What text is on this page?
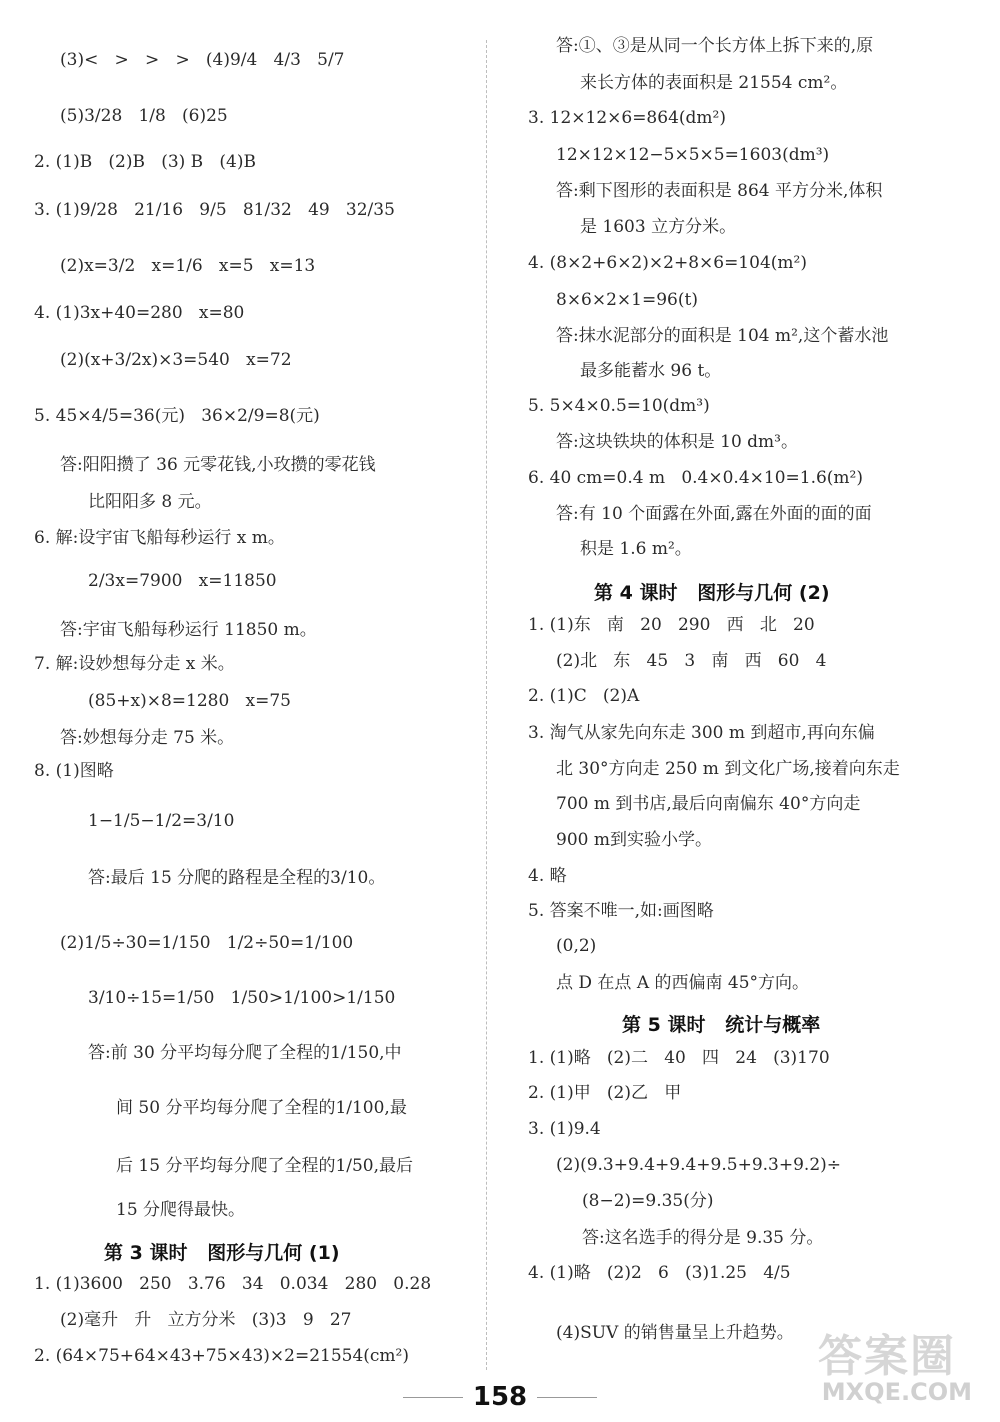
(3)<   >   >   >   (4)9/4   4/3   5/7
(5)3/28   1/8   (6)25
2. (1)B   (2)B   (3) B   (4)B
3. (1)9/28   21/16   9/5   81/32   49   32/35
(2)x=3/2   x=1/6   x=5   x=13
4. (1)3x+40=280   x=80
(2)(x+3/2x)×3=540   x=72
5. 45×4/5=36(元)   36×2/9=8(元)
答:阳阳攒了 36 元零花钱,小玫攒的零花钱
比阳阳多 8 元。
6. 解:设宇宙飞船每秒运行 x m。
2/3x=7900   x=11850
答:宇宙飞船每秒运行 11850 m。
7. 解:设妙想每分走 x 米。
(85+x)×8=1280   x=75
答:妙想每分走 75 米。
8. (1)图略
1−1/5−1/2=3/10
答:最后 15 分爬的路程是全程的3/10。
(2)1/5÷30=1/150   1/2÷50=1/100
3/10÷15=1/50   1/50>1/100>1/150
答:前 30 分平均每分爬了全程的1/150,中
间 50 分平均每分爬了全程的1/100,最
后 15 分平均每分爬了全程的1/50,最后
15 分爬得最快。
第 3 课时   图形与几何 (1)
1. (1)3600   250   3.76   34   0.034   280   0.28
(2)毫升   升   立方分米   (3)3   9   27
2. (64×75+64×43+75×43)×2=21554(cm²)
答:①、③是从同一个长方体上拆下来的,原
来长方体的表面积是 21554 cm²。
3. 12×12×6=864(dm²)
12×12×12−5×5×5=1603(dm³)
答:剩下图形的表面积是 864 平方分米,体积
是 1603 立方分米。
4. (8×2+6×2)×2+8×6=104(m²)
8×6×2×1=96(t)
答:抹水泥部分的面积是 104 m²,这个蓄水池
最多能蓄水 96 t。
5. 5×4×0.5=10(dm³)
答:这块铁块的体积是 10 dm³。
6. 40 cm=0.4 m   0.4×0.4×10=1.6(m²)
答:有 10 个面露在外面,露在外面的面的面
积是 1.6 m²。
第 4 课时   图形与几何 (2)
1. (1)东   南   20   290   西   北   20
(2)北   东   45   3   南   西   60   4
2. (1)C   (2)A
3. 淘气从家先向东走 300 m 到超市,再向东偏
北 30°方向走 250 m 到文化广场,接着向东走
700 m 到书店,最后向南偏东 40°方向走
900 m到实验小学。
4. 略
5. 答案不唯一,如:画图略
(0,2)
点 D 在点 A 的西偏南 45°方向。
第 5 课时   统计与概率
1. (1)略   (2)二   40   四   24   (3)170
2. (1)甲   (2)乙   甲
3. (1)9.4
(2)(9.3+9.4+9.4+9.5+9.3+9.2)÷
(8−2)=9.35(分)
答:这名选手的得分是 9.35 分。
4. (1)略   (2)2   6   (3)1.25   4/5
(4)SUV 的销售量呈上升趋势。
158
答案圈
MXQE.COM
